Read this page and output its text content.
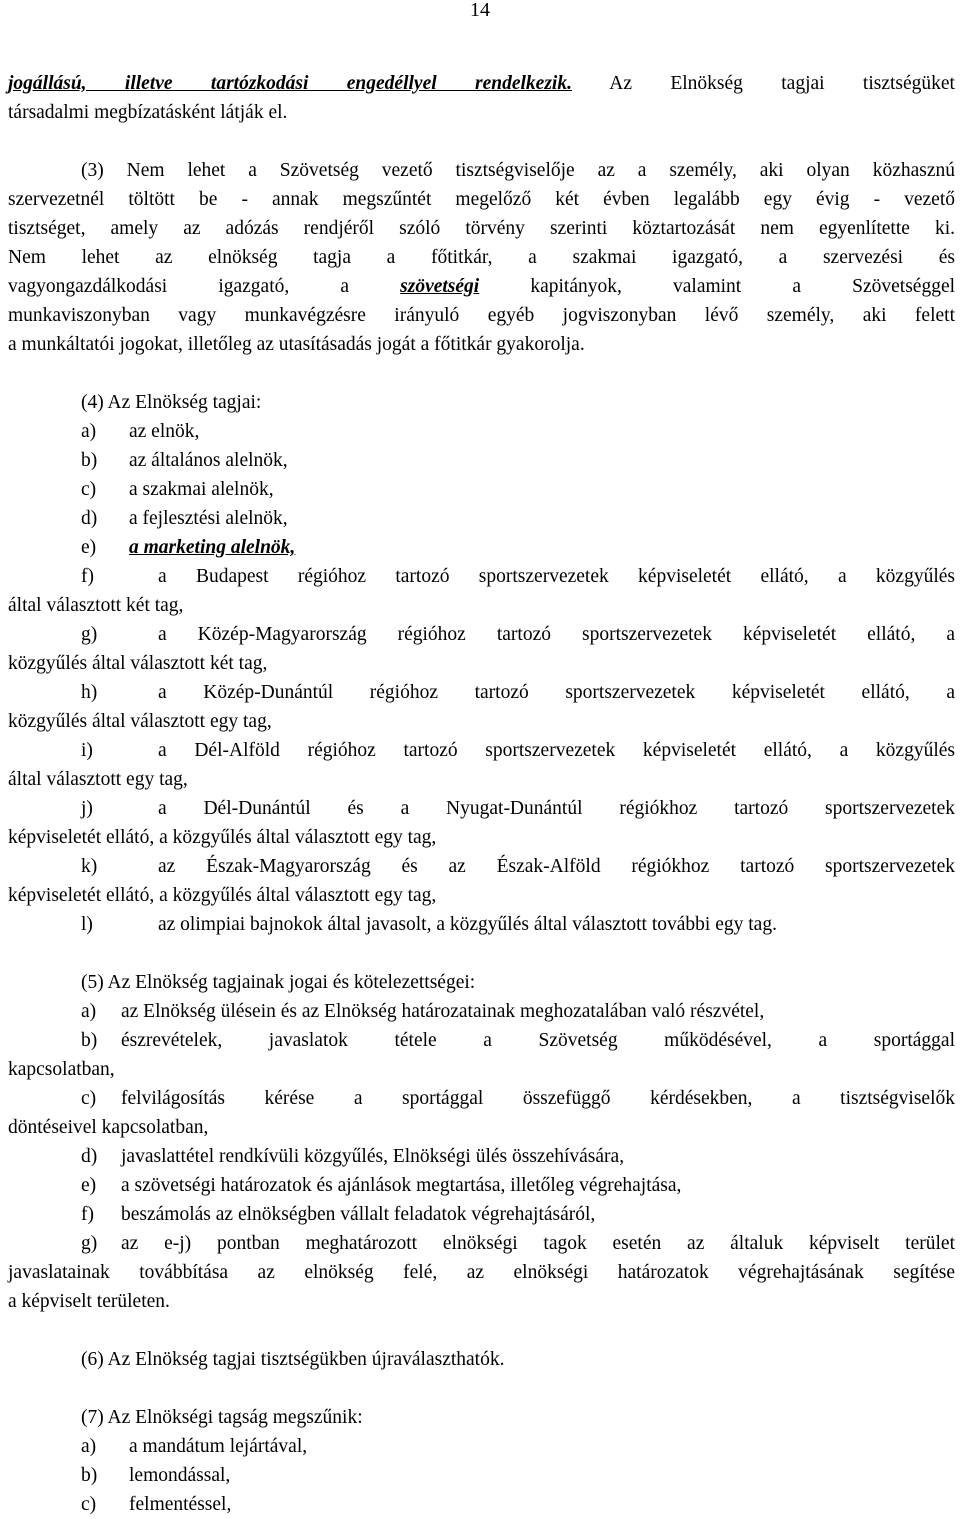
14

jogállású, illetve tartózkodási engedéllyel rendelkezik. Az Elnökség tagjai tisztségüket

társadalmi megbízatásként látják el.

(3) Nem lehet a Szövetség vezető tisztségviselője az a személy, aki olyan közhasznú

szervezetnél töltött be - annak megszűntét megelőző két évben legalább egy évig - vezető

tisztséget, amely az adózás rendjéről szóló törvény szerinti köztartozását nem egyenlítette ki.

Nem lehet az elnökség tagja a főtitkár, a szakmai igazgató, a szervezési és

vagyongazdálkodási igazgató, a szövetségi kapitányok, valamint a Szövetséggel

munkaviszonyban vagy munkavégzésre irányuló egyéb jogviszonyban lévő személy, aki felett

a munkáltatói jogokat, illetőleg az utasításadás jogát a főtitkár gyakorolja.

(4) Az Elnökség tagjai:

a)	az elnök,
b)	az általános alelnök,
c)	a szakmai alelnök,
d)	a fejlesztési alelnök,
e)	a marketing alelnök,
f)	a Budapest régióhoz tartozó sportszervezetek képviseletét ellátó, a közgyűlés

által választott két tag,

g)	a Közép-Magyarország régióhoz tartozó sportszervezetek képviseletét ellátó, a

közgyűlés által választott két tag,

h)	a Közép-Dunántúl régióhoz tartozó sportszervezetek képviseletét ellátó, a

közgyűlés által választott egy tag,

i)	a Dél-Alföld régióhoz tartozó sportszervezetek képviseletét ellátó, a közgyűlés

által választott egy tag,

j)	a Dél-Dunántúl és a Nyugat-Dunántúl régiókhoz tartozó sportszervezetek

képviseletét ellátó, a közgyűlés által választott egy tag,

k)	az Észak-Magyarország és az Észak-Alföld régiókhoz tartozó sportszervezetek

képviseletét ellátó, a közgyűlés által választott egy tag,

l)	az olimpiai bajnokok által javasolt, a közgyűlés által választott további egy tag.

(5) Az Elnökség tagjainak jogai és kötelezettségei:

a)	az Elnökség ülésein és az Elnökség határozatainak meghozatalában való részvétel,
b)	észrevételek, javaslatok tétele a Szövetség működésével, a sportággal

kapcsolatban,

c)	felvilágosítás kérése a sportággal összefüggő kérdésekben, a tisztségviselők

döntéseivel kapcsolatban,

d)	javaslattétel rendkívüli közgyűlés, Elnökségi ülés összehívására,
e)	a szövetségi határozatok és ajánlások megtartása, illetőleg végrehajtása,
f)	beszámolás az elnökségben vállalt feladatok végrehajtásáról,
g)	az e-j) pontban meghatározott elnökségi tagok esetén az általuk képviselt terület

javaslatainak továbbítása az elnökség felé, az elnökségi határozatok végrehajtásának segítése

a képviselt területen.

(6) Az Elnökség tagjai tisztségükben újraválaszthatók.

(7) Az Elnökségi tagság megszűnik:

a)	a mandátum lejártával,
b)	lemondással,
c)	felmentéssel,
